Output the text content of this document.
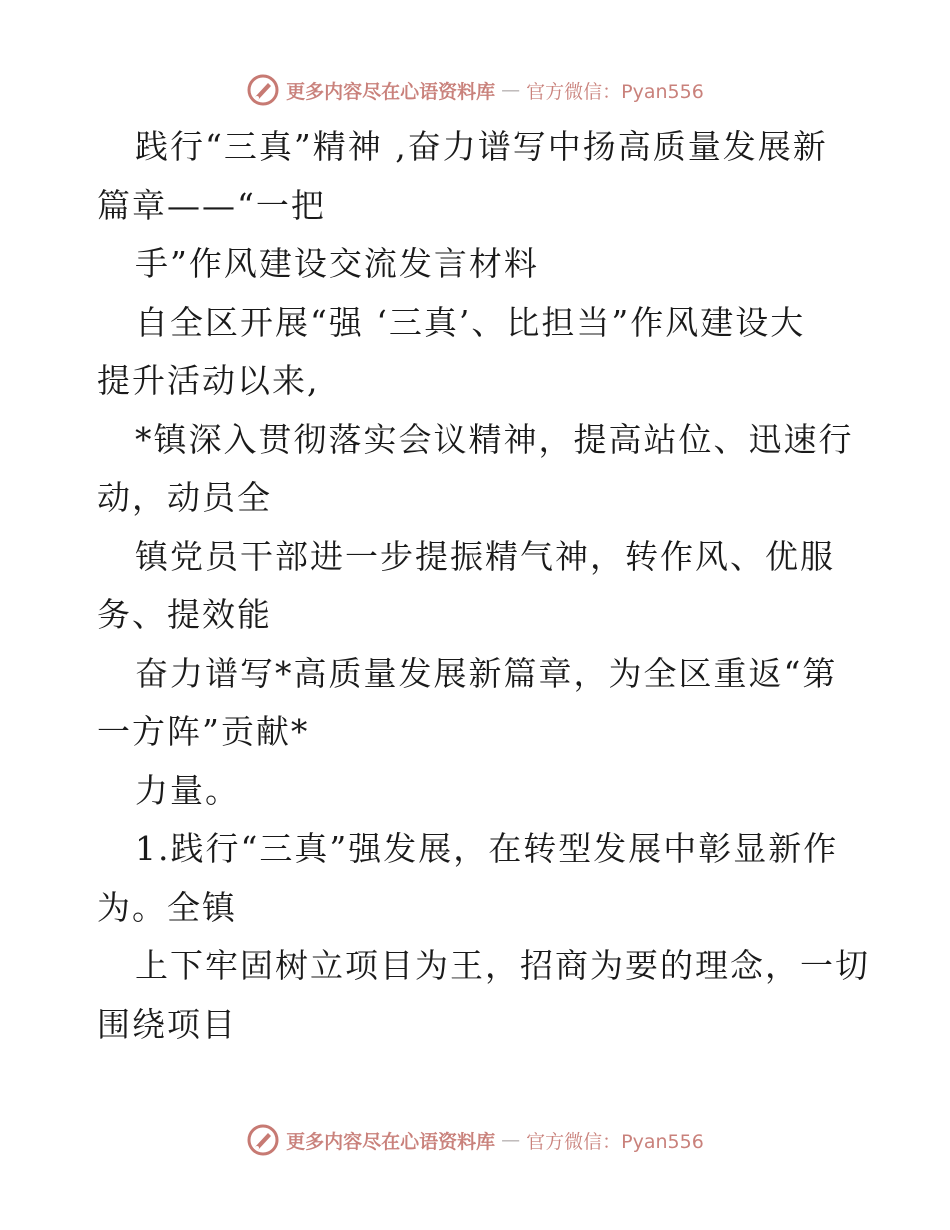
更多内容尽在心语资料库 — 官方微信：Pyan556
践行“三真”精神 ,奋力谱写中扬高质量发展新
篇章——“一把
手”作风建设交流发言材料
自全区开展“强 ‘三真’、比担当”作风建设大
提升活动以来,
*镇深入贯彻落实会议精神，提高站位、迅速行
动，动员全
镇党员干部进一步提振精气神，转作风、优服
务、提效能
奋力谱写*高质量发展新篇章，为全区重返“第
一方阵”贡献*
力量。
1.践行“三真”强发展，在转型发展中彰显新作
为。全镇
上下牢固树立项目为王，招商为要的理念，一切
围绕项目
更多内容尽在心语资料库 — 官方微信：Pyan556
